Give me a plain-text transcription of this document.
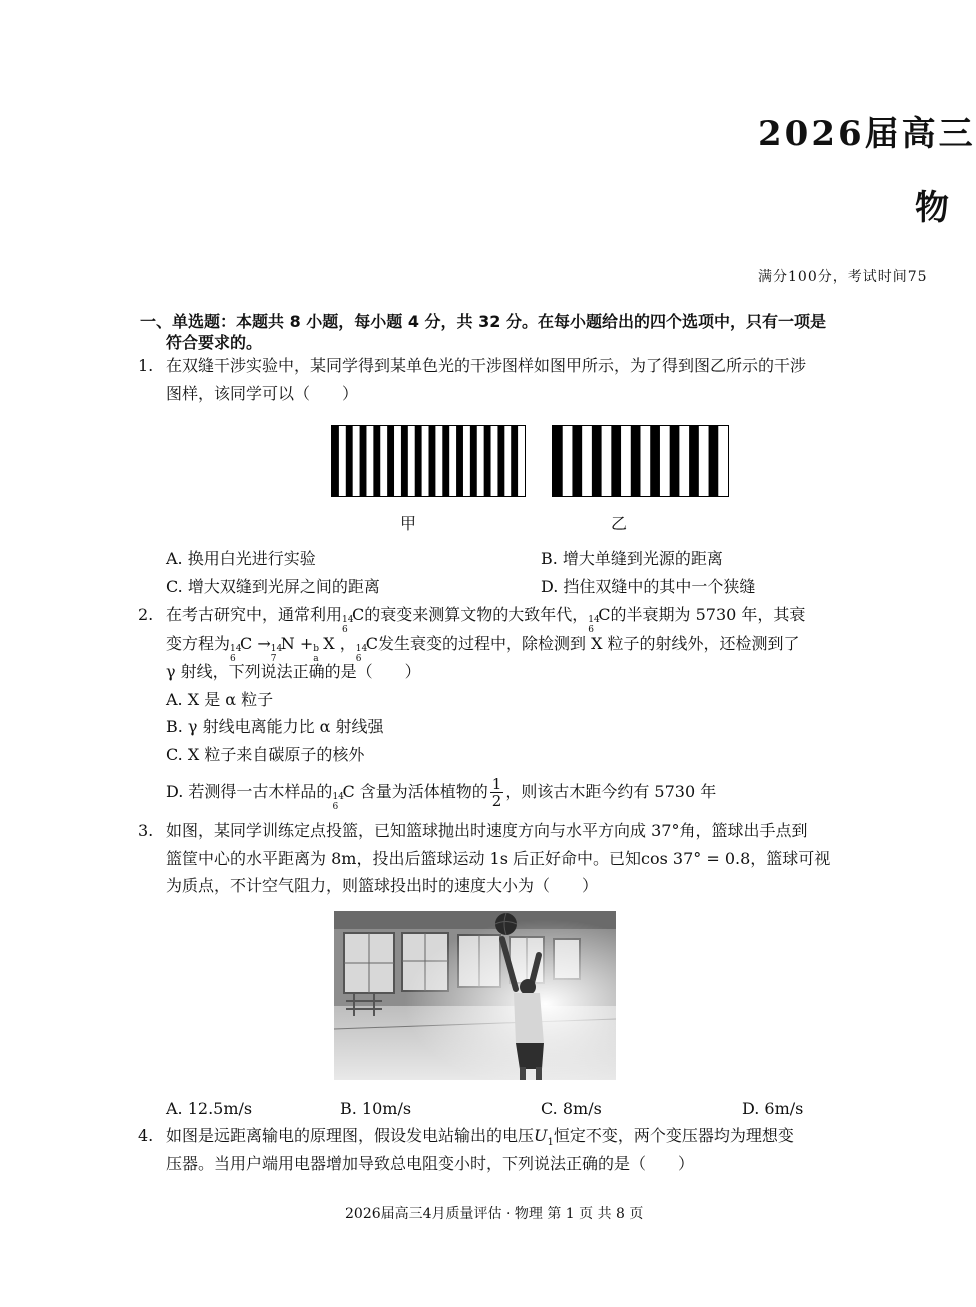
2026届高三
物
满分100分，考试时间75
一、单选题：本题共 8 小题，每小题 4 分，共 32 分。在每小题给出的四个选项中，只有一项是
符合要求的。
1. 在双缝干涉实验中，某同学得到某单色光的干涉图样如图甲所示，为了得到图乙所示的干涉
图样，该同学可以（　　）
甲	乙
A. 换用白光进行实验	B. 增大单缝到光源的距离
C. 增大双缝到光屏之间的距离	D. 挡住双缝中的其中一个狭缝
2. 在考古研究中，通常利用 14
6
C的衰变来测算文物的大致年代， 14
6
C的半衰期为 5730 年，其衰
变方程为 14
6
C → 14
7
N + b
a
X ， 14
6
C发生衰变的过程中，除检测到 X 粒子的射线外，还检测到了
γ 射线，下列说法正确的是（　　）
A. X 是 α 粒子
B. γ 射线电离能力比 α 射线强
C. X 粒子来自碳原子的核外
D. 若测得一古木样品的 14
6
C 含量为活体植物的 $\frac{1}{2}$ ，则该古木距今约有 5730 年
3. 如图，某同学训练定点投篮，已知篮球抛出时速度方向与水平方向成 37°角，篮球出手点到
篮筐中心的水平距离为 8m，投出后篮球运动 1s 后正好命中。已知cos 37° = 0.8，篮球可视
为质点，不计空气阻力，则篮球投出时的速度大小为（　　）
A. 12.5m/s	B. 10m/s	C. 8m/s	D. 6m/s
4. 如图是远距离输电的原理图，假设发电站输出的电压$U_1$恒定不变，两个变压器均为理想变
压器。当用户端用电器增加导致总电阻变小时，下列说法正确的是（　　）
2026届高三4月质量评估 · 物理 第 1 页 共 8 页
